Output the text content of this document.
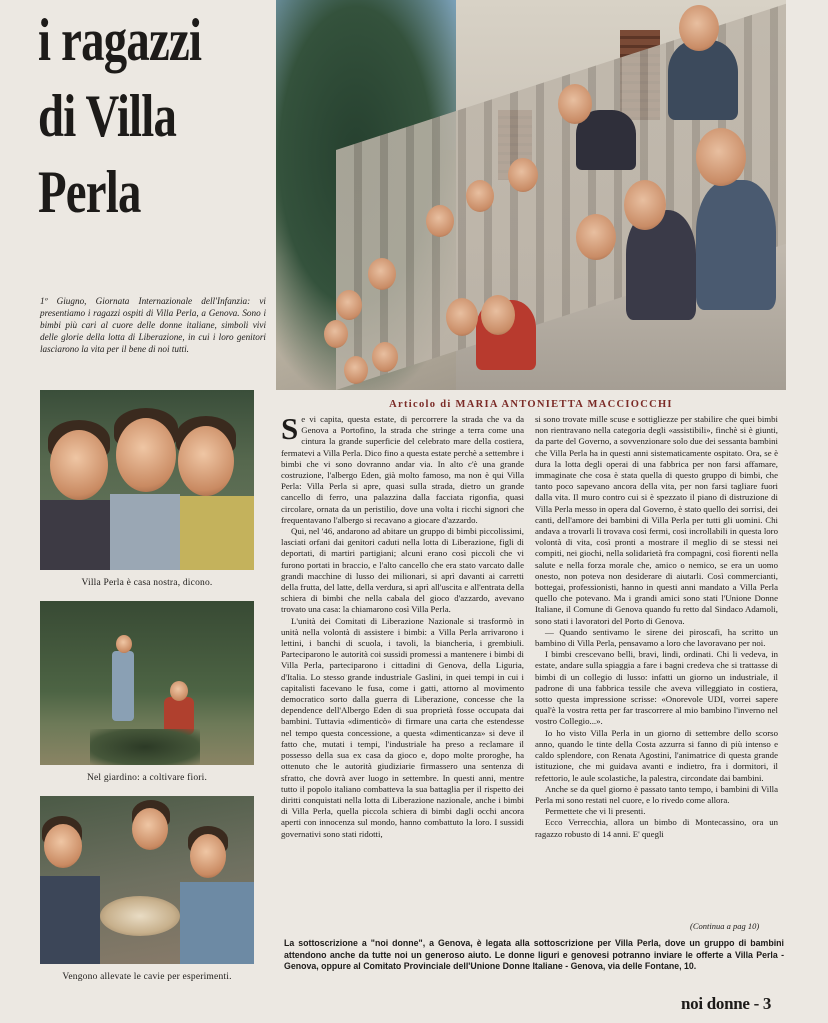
i ragazzi
di Villa
Perla
1º Giugno, Giornata Internazionale dell'Infanzia: vi presentiamo i ragazzi ospiti di Villa Perla, a Genova. Sono i bimbi più cari al cuore delle donne italiane, simboli vivi delle glorie della lotta di Liberazione, in cui i loro genitori lasciarono la vita per il bene di noi tutti.
Villa Perla è casa nostra, dicono.
Nel giardino: a coltivare fiori.
Vengono allevate le cavie per esperimenti.
Articolo di MARIA ANTONIETTA MACCIOCCHI

Se vi capita, questa estate, di percorrere la strada che va da Genova a Portofino, la strada che stringe a terra come una cintura la grande superficie del celebrato mare della costiera, fermatevi a Villa Perla. Dico fino a questa estate perchè a settembre i bimbi che vi sono dovranno andar via. In alto c'è una grande costruzione, l'albergo Eden, già molto famoso, ma non è qui Villa Perla: Villa Perla si apre, quasi sulla strada, dietro un grande cancello di ferro, una palazzina dalla facciata rigonfia, quasi circolare, ornata da un peristilio, dove una volta i ricchi signori che frequentavano l'albergo si recavano a giocare d'azzardo.

Qui, nel '46, andarono ad abitare un gruppo di bimbi piccolissimi, lasciati orfani dai genitori caduti nella lotta di Liberazione, figli di deportati, di martiri partigiani; alcuni erano così piccoli che vi furono portati in braccio, e l'alto cancello che era stato varcato dalle grandi macchine di lusso dei milionari, si aprì davanti ai carretti della frutta, del latte, della verdura, si aprì all'uscita e all'entrata della schiera di bimbi che nella cabala del gioco d'azzardo, avevano trovato una casa: la chiamarono così Villa Perla.

L'unità dei Comitati di Liberazione Nazionale si trasformò in unità nella volontà di assistere i bimbi: a Villa Perla arrivarono i lettini, i banchi di scuola, i tavoli, la biancheria, i grembiuli. Parteciparono le autorità coi sussidi promessi a mantenere i bimbi di Villa Perla, parteciparono i cittadini di Genova, della Liguria, d'Italia. Lo stesso grande industriale Gaslini, in quei tempi in cui i capitalisti facevano le fusa, come i gatti, attorno al movimento democratico sorto dalla guerra di Liberazione, concesse che la dependence dell'Albergo Eden di sua proprietà fosse occupata dai bambini. Tuttavia «dimenticò» di firmare una carta che estendesse nel tempo questa concessione, a questa «dimenticanza» si deve il fatto che, mutati i tempi, l'industriale ha preso a reclamare il possesso della sua ex casa da gioco e, dopo molte proroghe, ha ottenuto che le autorità giudiziarie firmassero una sentenza di sfratto, che dovrà aver luogo in settembre. In questi anni, mentre tutto il popolo italiano combatteva la sua battaglia per il rispetto dei diritti conquistati nella lotta di Liberazione nazionale, anche i bimbi di Villa Perla, quella piccola schiera di bimbi dagli occhi ancora aperti con innocenza sul mondo, hanno combattuto la loro. I sussidi governativi sono stati ridotti,

si sono trovate mille scuse e sottigliezze per stabilire che quei bimbi non rientravano nella categoria degli «assistibili», finchè si è giunti, da parte del Governo, a sovvenzionare solo due dei sessanta bambini che Villa Perla ha in questi anni sistematicamente ospitato. Ora, se è dura la lotta degli operai di una fabbrica per non farsi affamare, immaginate che cosa è stata quella di questo gruppo di bimbi, che tanto poco sapevano ancora della vita, per non farsi tagliare fuori dalla vita. Il muro contro cui si è spezzato il piano di distruzione di Villa Perla messo in opera dal Governo, è stato quello dei sorrisi, dei canti, dell'amore dei bambini di Villa Perla per tutti gli uomini. Chi andava a trovarli li trovava così fermi, così incrollabili in questa loro volontà di vita, così pronti a mostrare il meglio di se stessi nei compiti, nei giochi, nella solidarietà fra compagni, così fiorenti nella salute e nella forza morale che, amico o nemico, se era un uomo onesto, non poteva non desiderare di aiutarli. Così commercianti, bottegai, professionisti, hanno in questi anni mandato a Villa Perla quello che potevano. Ma i grandi amici sono stati l'Unione Donne Italiane, il Comune di Genova quando fu retto dal Sindaco Adamoli, sono stati i lavoratori del Porto di Genova.

— Quando sentivamo le sirene dei piroscafi, ha scritto un bambino di Villa Perla, pensavamo a loro che lavoravano per noi.

I bimbi crescevano belli, bravi, lindi, ordinati. Chi li vedeva, in estate, andare sulla spiaggia a fare i bagni credeva che si trattasse di bimbi di un collegio di lusso: infatti un giorno un industriale, il padrone di una fabbrica tessile che aveva villeggiato in costiera, sotto questa impressione scrisse: «Onorevole UDI, vorrei sapere qual'è la vostra retta per far trascorrere al mio bambino l'inverno nel vostro Collegio...».

Io ho visto Villa Perla in un giorno di settembre dello scorso anno, quando le tinte della Costa azzurra si fanno di più intenso e caldo splendore, con Renata Agostini, l'animatrice di questa grande istituzione, che mi guidava avanti e indietro, fra i dormitori, il refettorio, le aule scolastiche, la palestra, circondate dai bambini.

Anche se da quel giorno è passato tanto tempo, i bambini di Villa Perla mi sono restati nel cuore, e lo rivedo come allora.

Permettete che vi li presenti.

Ecco Verrecchia, allora un bimbo di Montecassino, ora un ragazzo robusto di 14 anni. E' quegli

(Continua a pag 10)
La sottoscrizione a "noi donne", a Genova, è legata alla sottoscrizione per Villa Perla, dove un gruppo di bambini attendono anche da tutte noi un generoso aiuto. Le donne liguri e genovesi potranno inviare le offerte a Villa Perla - Genova, oppure al Comitato Provinciale dell'Unione Donne Italiane - Genova, via delle Fontane, 10.
noi donne - 3
